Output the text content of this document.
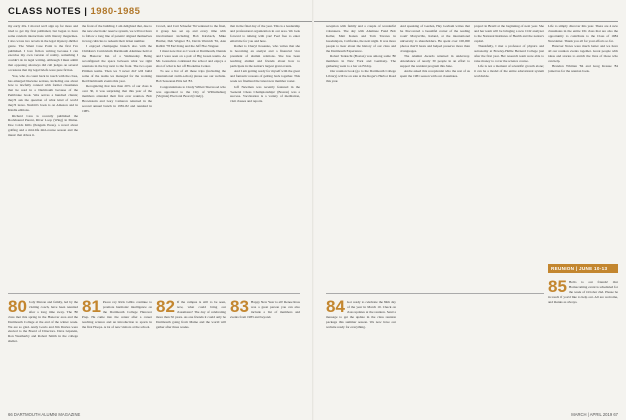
CLASS NOTES | 1980-1985

my early 20s. I moved we'd sign up for more and tried to get my first published, but began to have some random interactions with literary magazines. I also wrote two novels in the legal mystery-thriller genre. The Silent Case Point is the first I've published. I love fiction writing because I can exercise my own version of reality, something I couldn't do in legal writing. Although I must admit that opposing attorneys did call judges on several occasions that my legal briefs were pure fiction.

You, who do count back in touch with the class, has emerged likewise serious, including one about how to lawfully connect with former classmates that he read in a Dartmouth because of the Pembroke book. Wes serves a hundred clients; they'll ask the question of what kind of world they'll leave. Nesbitt's book is on Amazon and in Kindle editions.

Richard Cass is recently published the Rockhound Parent, River Loop (Wing) in Maine. Doe Colds Kills (Penguin Press), a novel about golfing and a mid-life mid-course season and the music that drives it.

the front of the building. I am delighted that, due to the new electronic reserve system, we will not have to follow a long line of parents' aligned themselves in long cubicles to redeem their ticket number.

I enjoyed champagne brunch also with the Children's Curriculum Dartmouth Alumnae held at the Hanover Inn of a Wednesday. Being reconfigured the space between what we right reunions in the bay next to the front. The two open Pittman teams. Then we 'I never did' will build some of the teams we managed for the working Red Dartmouth events this year.

Recognizing that less than 20% of our class is over 30, it was surprising that this year of the members attended their first ever reunion. Bob Brownstein and Gary Cameron returned in the second annual bunch in 1981-82 and reunited in 1985.

Crowd, and Curt Schaefer '84 ventured to the final, it group has set up and every time with involvement including Bob Kirsbach, Mike Hartler, Deb Wagner '81, Devin Warnich '81, Ann Rabbit '78 Earl King and the Jeff Hoo Wagner.

I must note that as I work at Dartmouth, Dennis and I were seen on a pair of Big Green teams. As Mr. Gonsalves continued the school and enjoys a shot of what is hot off Brookline Center.

To see a list of all these trips (including the international swim-a-thon) please see our website. Bob Seasonan Pitts led '83.

Congratulations to Cindy Willett Sherwood who was appointed to the City of Williamsburg (Virginia) Electoral Board (Cindy).

that in the final day of the year. This is a leadership and professional organization in our area. We look forward to talking with you! Feel free to enter email me for you and here.

Rather is Cheryl Kosanko, who writes that she is becoming an analyst and a financial vice president of alumni relations. She has been teaching alumni and friends about how to participate in the nation's largest grant events.

And I am getting ready for myself with the great and fantastic reasons of getting back together. This week we finalized the latest new member roster.

Jeff Newman was recently featured in the 'General Chess Championships' (Boston) was a success. Vaccination is a variety of meditation, visit classes and reports.

80 Jody Maxon and family, led by the visiting coach, have been reunited after a long time away. The '80 class met this spring in the Hanover area and the Dartmouth College at the end of the winter week. We are so glad. Andy Lewis and Jim Davies were elected to the Board of Directors. Dave Gipstein, Ron Weatherby and Robert Smith in the college shelter.

81 Peace ray Rick Gibbs continue to promote harmonic intelligence on the Dartmouth College Hanover Prep. He came into the center after a career teaching science and an introduction to sports in the first Hoops. A lot of new visitors at the school.

82 If the campus is still to be seen, now, what could bring our classmates? The day of celebrating more than 50 years. As one friends it could only be Dartmouth going from Maine and the world will gather after three weeks.

83 Happy New Year to all! Renee Ross was a great person you can also include a list of members and events from 1983 and beyond.

reception with family and a couple of wonderful volunteers. The day with Alumnae Fund Bob Keller, Matt Kanan and Tom Tavares in Guadalajara, California, the next night. It was more people to hear about the history of our class and the Dartmouth Experience.

Robert Tedeschi (Boston) was among some '80 members in New York and Germany. The gathering went to a bar on Friday.

Our reunion book (go to the Dartmouth College Library) will be on sale at the Roger's Harbor Road this year.

And speaking of Gerden, Hay Gorham writes that he 'discovered a beautiful corner of the reading room' Marysville, Ireland, at the international university to shareholders. He spent over 100,000 photos that'll beats and helped preserve more than 4 languages.

The Alumni Awards returned in underway. Attendance of nearly 30 people in an effort to support the resident program this June.

Andre asked this receptionist who the rest of us spent the 1981 season with our classmates.

project in Brazil at the beginning of next year. She and her team will be bringing a new CO2 analyzer to the National Institutes of Health and the nation's capital.

Thankfully, I met a professor of physics and astronomy at Bowley-Hallie Bernard College just after the first year. Her research team were able to raise money to cover the science course.

Life is not a moment of scientific growth alone; it can be a model of the entire educational system worldwide.

Life to simply discover this year. There are 4 new classmates in the entire UK class that are also the opportunity to contribute to the Class of 1984 Newsletter. Thank you all for your efforts so far.

Hanover Notes were much better and we have all our reunion events together. Great people with ideas and stories to enrich the lives of those who can help.

Brandon Whitten '84 and Greg Krause '84 joined us for the reunion book.

REUNION | JUNE 10-13

84 Got ready to celebrate the 84th day of the year in March 10. Check on class updates at the reunion. Send a message to get the update in the class reunion package this summer season. We now have our website ready for everything.

85 Hello to our friends! Our Homecoming event is scheduled for the week of October 2nd. Please be in touch if you'd like to help out. All are welcome, and thanks as always.

66 DARTMOUTH ALUMNI MAGAZINE	MARCH | APRIL 2019 67
